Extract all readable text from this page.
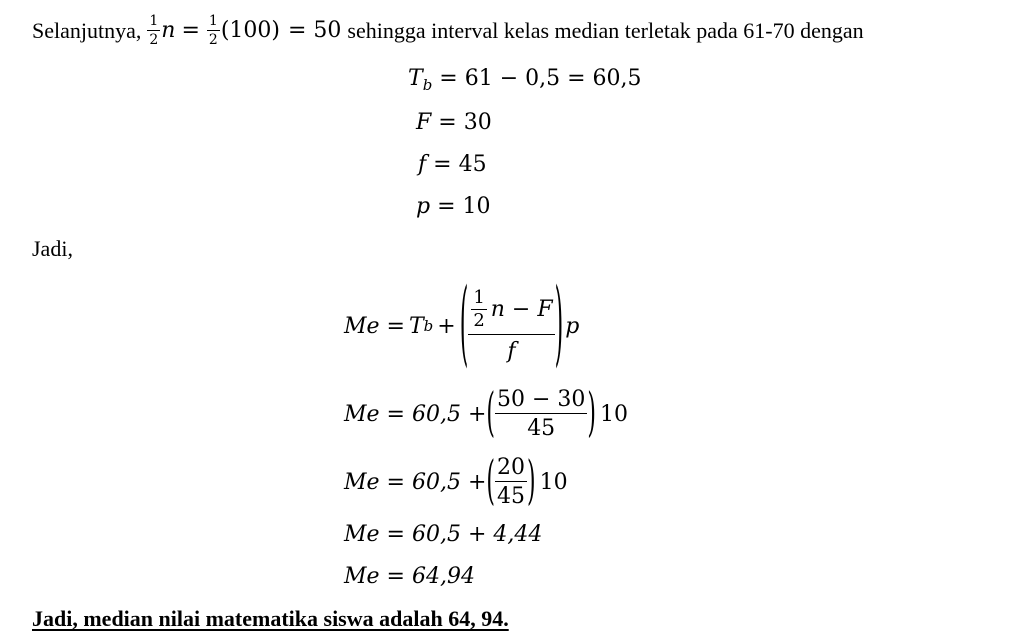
Selanjutnya, $\frac{1}{2}$ $n = \frac{1}{2} (100) = 50$ sehingga interval kelas median terletak pada 61-70 dengan
$T_b = 61 - 0,5 = 60,5$
F = 30
f = 45
p = 10
Jadi,
Me = T b + ( $\frac{\frac{1}{2} n - F}{f}$ ) p
Me = 60,5 + ( $\frac{50 - 30}{45}$ ) 10
Me = 60,5 + ( $\frac{20}{45}$ ) 10
Me = 60,5 + 4,44
Me = 64,94
Jadi, median nilai matematika siswa adalah 64, 94.
